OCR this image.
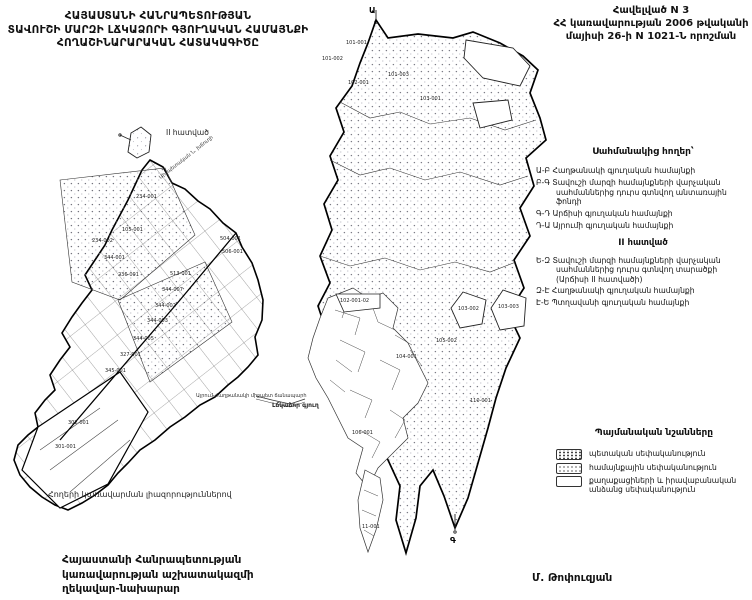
234-001
105-001
234-002
344-001
236-001
504-001
506-001
513-001
344-007
344-002
344-003
344-005
327-001
345-001
302-001
301-001
101-001
101-002
102-001
101-003
103-001
102-001-02
103-002	103-003
105-002
104-001
110-001
106-001
11-001
Ա
Գ
Միջպետական Ն. խճուղի
Այրում-Հաղթանակի միջպետ ճանապարհ
Լճկաձոր գյուղ
ՀԱՅԱՍՏԱՆԻ ՀԱՆՐԱՊԵՏՈՒԹՅԱՆ
ՏԱՎՈՒՇԻ ՄԱՐԶԻ ԼՃԿԱՁՈՐԻ ԳՅՈՒՂԱԿԱՆ ՀԱՄԱՅՆՔԻ
ՀՈՂԱՇԻՆԱՐԱՐԱԿԱՆ ՀԱՏԱԿԱԳԻԾԸ
Հավելված N 3
ՀՀ կառավարության 2006 թվականի
մայիսի 26-ի N 1021-Ն որոշման
Սահմանակից հողեր՝
Ա-Բ Հաղթանակի գյուղական համայնքի
Բ-Գ Տավուշի մարզի համայնքների վարչական սահմաններից դուրս գտնվող անտառային ֆոնդի
Գ-Դ Արճիսի գյուղական համայնքի
Դ-Ա Այրումի գյուղական համայնքի
II հատված
Ե-Զ Տավուշի մարզի համայնքների վարչական սահմաններից դուրս գտնվող տարածքի (Արճիսի II հատվածի)
Զ-Է Հաղթանակի գյուղական համայնքի
Է-Ե Պտղավանի գյուղական համայնքի
Պայմանական նշանները
պետական սեփականություն
համայնքային սեփականություն
քաղաքացիների և իրավաբանական անձանց սեփականություն
Հողերի կառավարման լիազորություններով
II հատված
Հայաստանի Հանրապետության
կառավարության աշխատակազմի
ղեկավար-նախարար
Մ. Թոփուզյան
